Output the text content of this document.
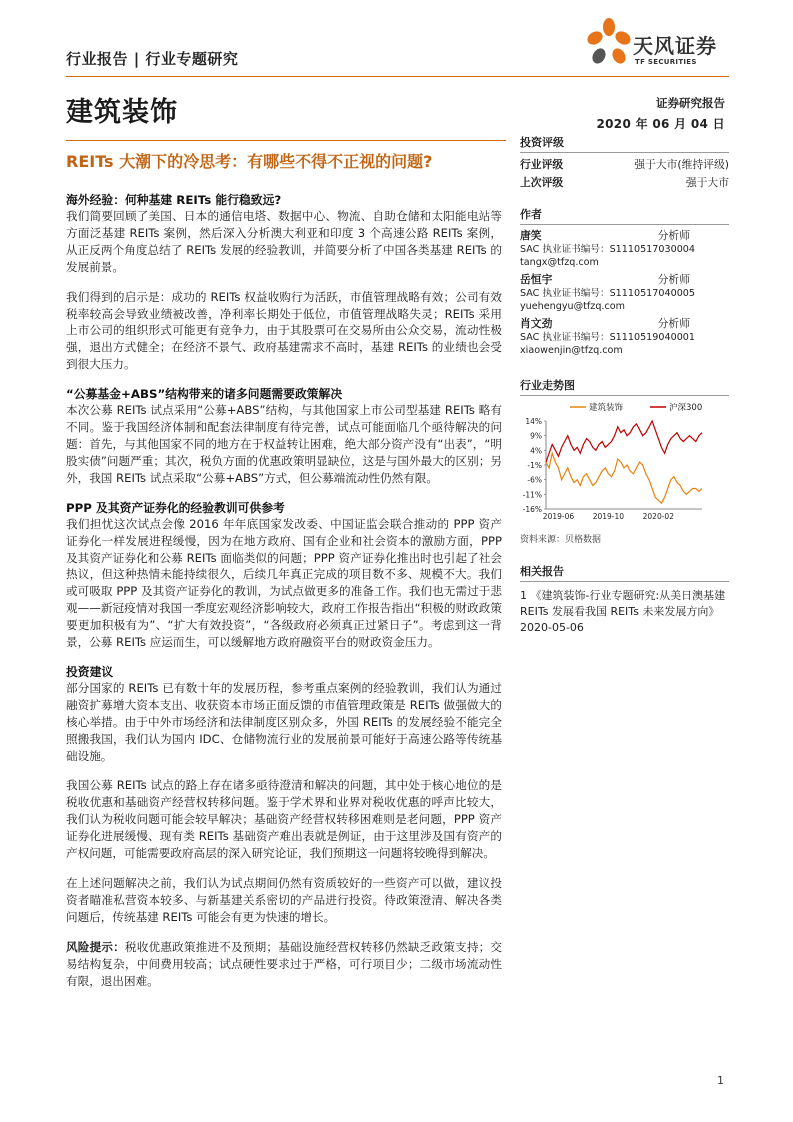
行业报告 | 行业专题研究
天风证券
TF SECURITIES
建筑装饰	证券研究报告
2020 年 06 月 04 日
REITs 大潮下的冷思考：有哪些不得不正视的问题?
海外经验：何种基建 REITs 能行稳致远?

我们简要回顾了美国、日本的通信电塔、数据中心、物流、自助仓储和太阳能电站等方面泛基建 REITs 案例，然后深入分析澳大利亚和印度 3 个高速公路 REITs 案例，从正反两个角度总结了 REITs 发展的经验教训，并简要分析了中国各类基建 REITs 的发展前景。

我们得到的启示是：成功的 REITs 权益收购行为活跃，市值管理战略有效；公司有效税率较高会导致业绩被改善，净利率长期处于低位，市值管理战略失灵；REITs 采用上市公司的组织形式可能更有竞争力，由于其股票可在交易所由公众交易，流动性极强，退出方式健全；在经济不景气、政府基建需求不高时，基建 REITs 的业绩也会受到很大压力。

“公募基金+ABS”结构带来的诸多问题需要政策解决

本次公募 REITs 试点采用“公募+ABS”结构，与其他国家上市公司型基建 REITs 略有不同。鉴于我国经济体制和配套法律制度有待完善，试点可能面临几个亟待解决的问题：首先，与其他国家不同的地方在于权益转让困难，绝大部分资产没有“出表”，“明股实债”问题严重；其次，税负方面的优惠政策明显缺位，这是与国外最大的区别；另外，我国 REITs 试点采取“公募+ABS”方式，但公募端流动性仍然有限。

PPP 及其资产证券化的经验教训可供参考

我们担忧这次试点会像 2016 年年底国家发改委、中国证监会联合推动的 PPP 资产证券化一样发展进程缓慢，因为在地方政府、国有企业和社会资本的激励方面，PPP 及其资产证券化和公募 REITs 面临类似的问题；PPP 资产证券化推出时也引起了社会热议，但这种热情未能持续很久，后续几年真正完成的项目数不多、规模不大。我们或可吸取 PPP 及其资产证券化的教训，为试点做更多的准备工作。我们也无需过于悲观——新冠疫情对我国一季度宏观经济影响较大，政府工作报告指出“积极的财政政策要更加积极有为”、“扩大有效投资”，“各级政府必须真正过紧日子”。考虑到这一背景，公募 REITs 应运而生，可以缓解地方政府融资平台的财政资金压力。

投资建议

部分国家的 REITs 已有数十年的发展历程，参考重点案例的经验教训，我们认为通过融资扩募增大资本支出、收获资本市场正面反馈的市值管理政策是 REITs 做强做大的核心举措。由于中外市场经济和法律制度区别众多，外国 REITs 的发展经验不能完全照搬我国，我们认为国内 IDC、仓储物流行业的发展前景可能好于高速公路等传统基础设施。

我国公募 REITs 试点的路上存在诸多亟待澄清和解决的问题，其中处于核心地位的是税收优惠和基础资产经营权转移问题。鉴于学术界和业界对税收优惠的呼声比较大，我们认为税收问题可能会较早解决；基础资产经营权转移困难则是老问题，PPP 资产证券化进展缓慢、现有类 REITs 基础资产难出表就是例证，由于这里涉及国有资产的产权问题，可能需要政府高层的深入研究论证，我们预期这一问题将较晚得到解决。

在上述问题解决之前，我们认为试点期间仍然有资质较好的一些资产可以做，建议投资者瞄准私营资本较多、与新基建关系密切的产品进行投资。待政策澄清、解决各类问题后，传统基建 REITs 可能会有更为快速的增长。

风险提示：税收优惠政策推进不及预期；基础设施经营权转移仍然缺乏政策支持；交易结构复杂，中间费用较高；试点硬性要求过于严格，可行项目少；二级市场流动性有限，退出困难。

投资评级
行业评级	强于大市(维持评级)
上次评级	强于大市
作者
唐笑	分析师
SAC 执业证书编号：S1110517030004
tangx@tfzq.com
岳恒宇	分析师
SAC 执业证书编号：S1110517040005
yuehengyu@tfzq.com
肖文劲	分析师
SAC 执业证书编号：S1110519040001
xiaowenjin@tfzq.com
行业走势图
建筑装饰	沪深300
14%
9%
4%
-1%
-6%
-11%
-16%
2019-06 2019-10 2020-02
资料来源：贝格数据
相关报告
1 《建筑装饰-行业专题研究:从美日澳基建 REITs 发展看我国 REITs 未来发展方向》 2020-05-06
1
